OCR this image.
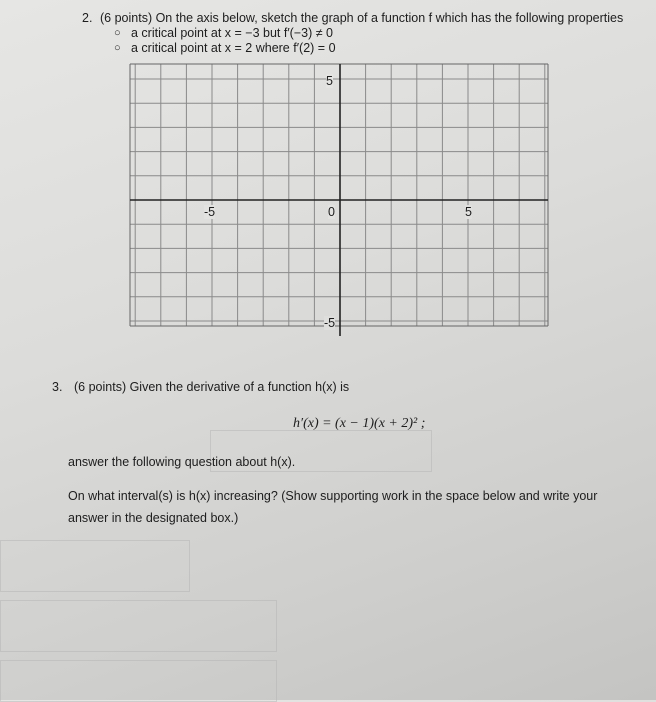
2. (6 points) On the axis below, sketch the graph of a function f which has the following properties
○ a critical point at x = −3 but f′(−3) ≠ 0
○ a critical point at x = 2 where f′(2) = 0
5
-5	0	5
-5
3. (6 points) Given the derivative of a function h(x) is
h′(x) = (x − 1)(x + 2)² ;
answer the following question about h(x).
On what interval(s) is h(x) increasing? (Show supporting work in the space below and write your
answer in the designated box.)
